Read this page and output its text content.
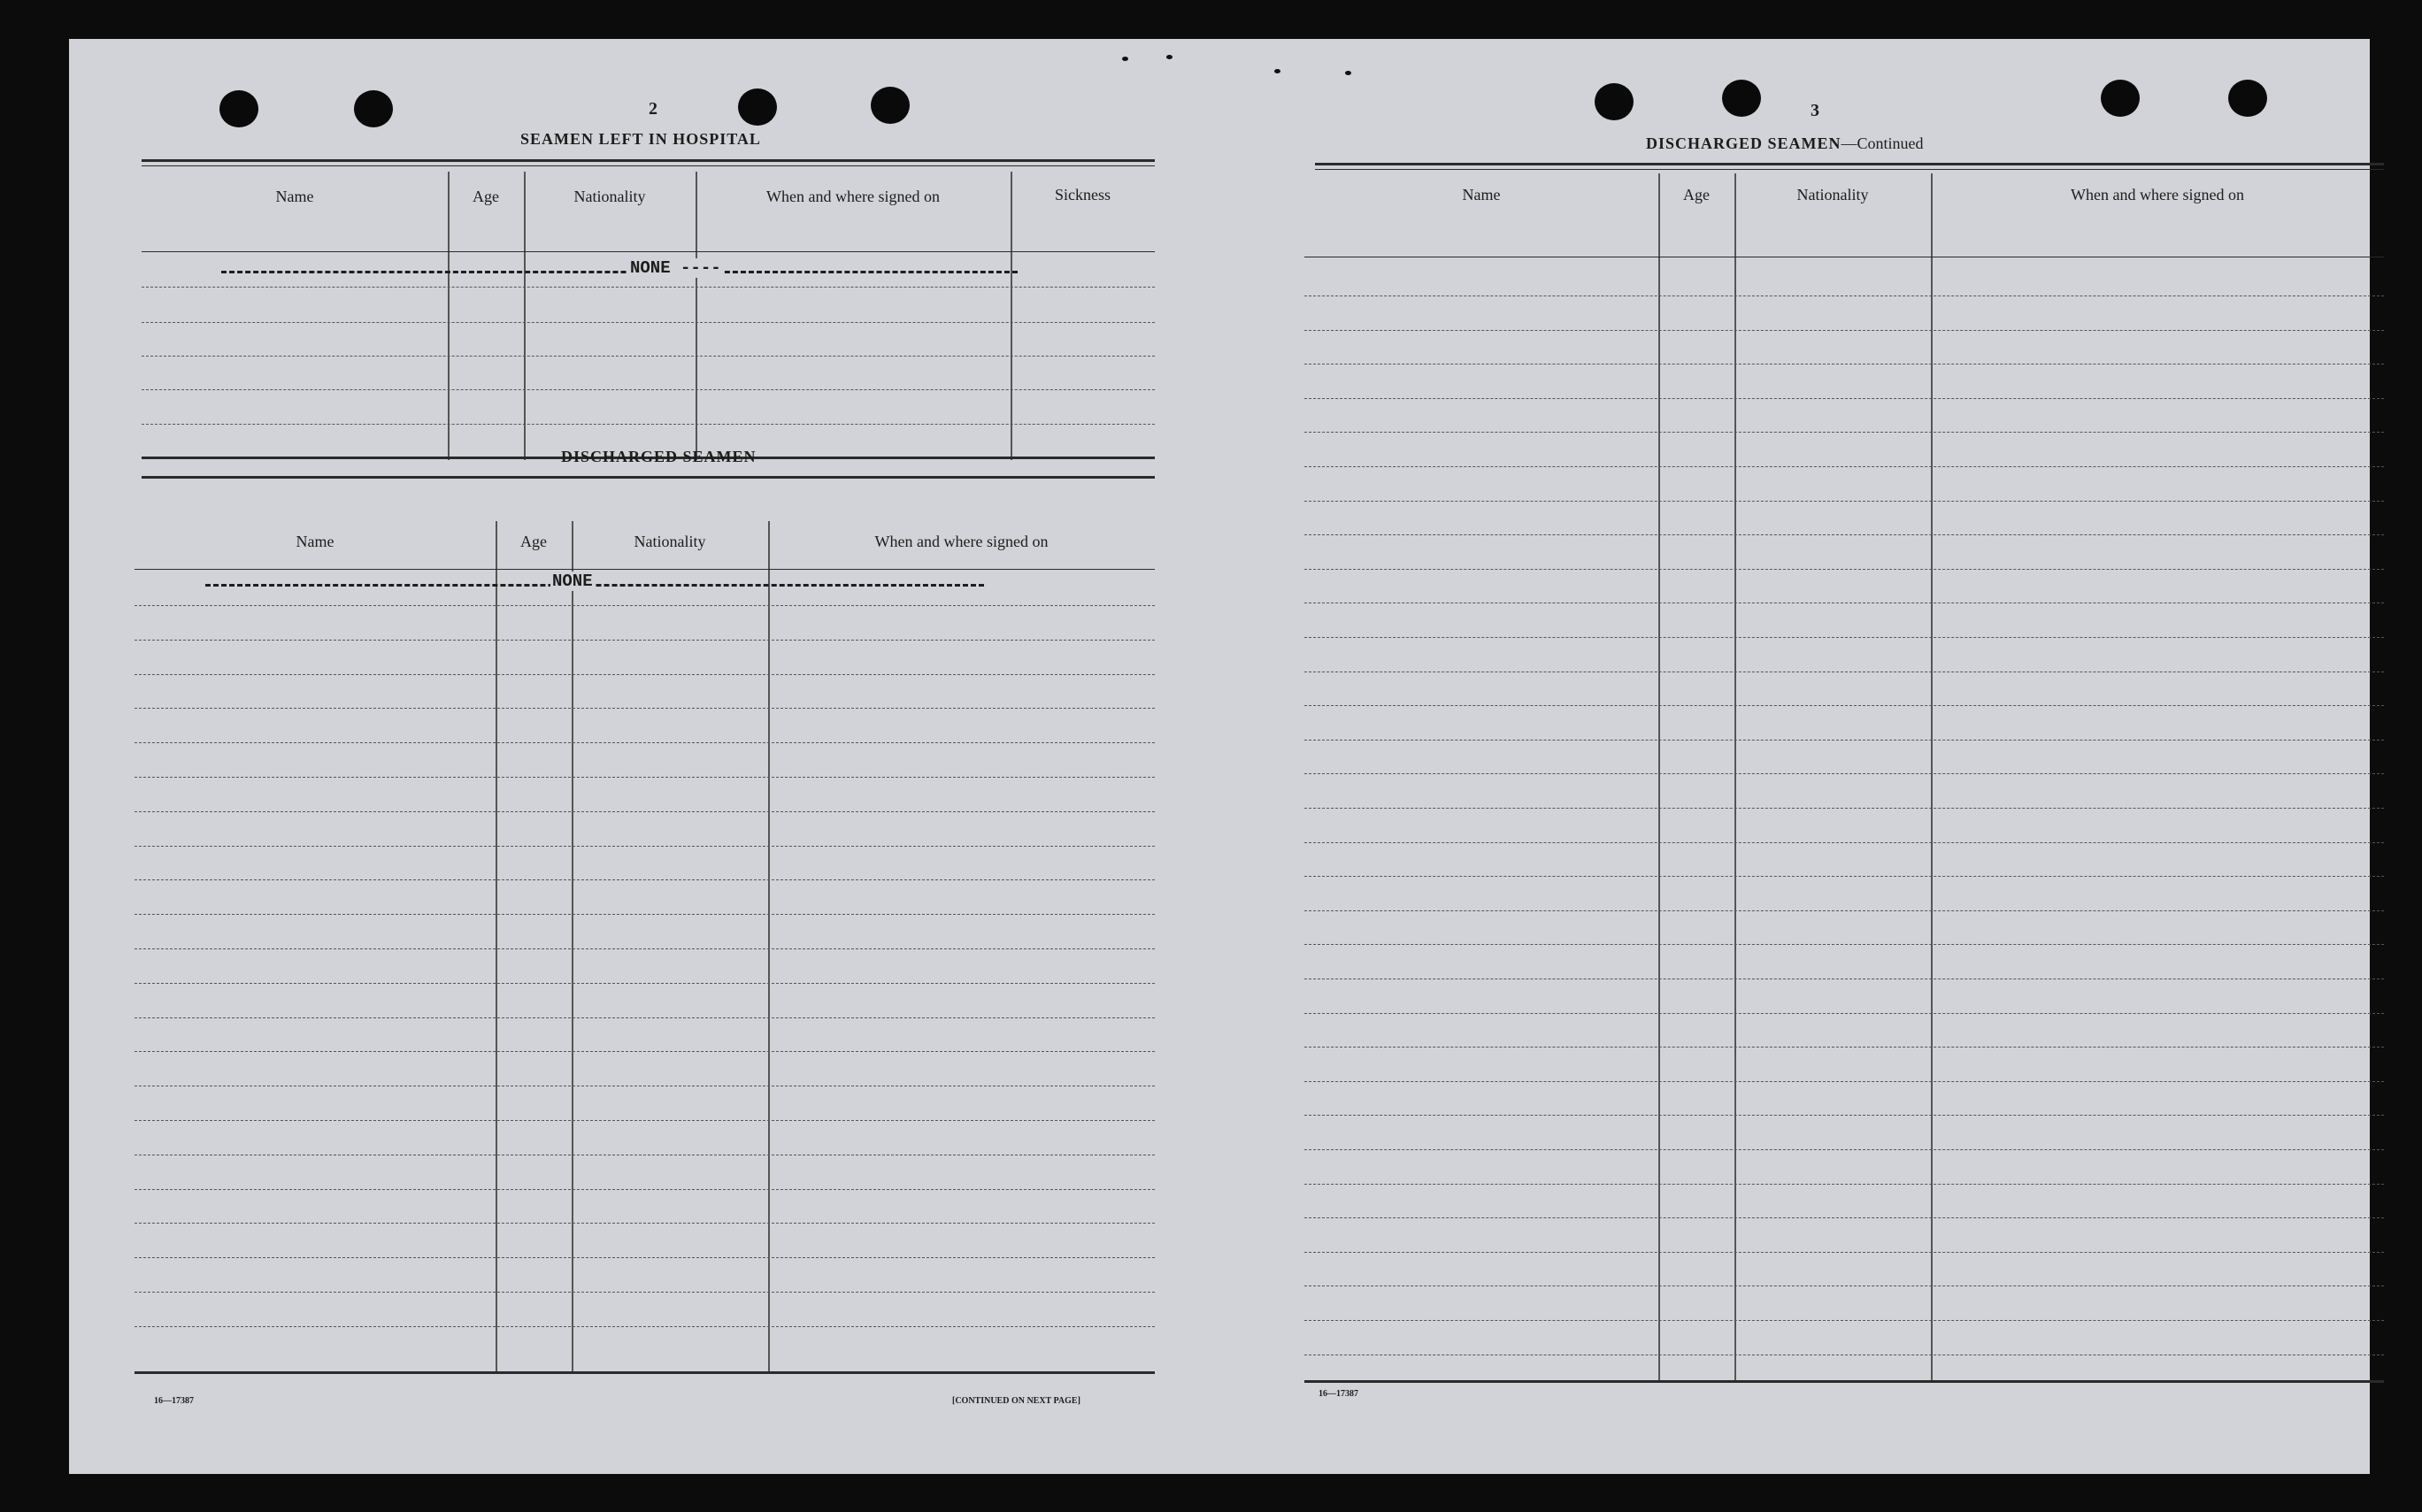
2
SEAMEN LEFT IN HOSPITAL
Name	Age	Nationality	When and where signed on	Sickness
NONE ----
DISCHARGED SEAMEN
Name	Age	Nationality	When and where signed on
NONE
16—17387	[CONTINUED ON NEXT PAGE]
3
DISCHARGED SEAMEN—Continued
Name	Age	Nationality	When and where signed on
16—17387
